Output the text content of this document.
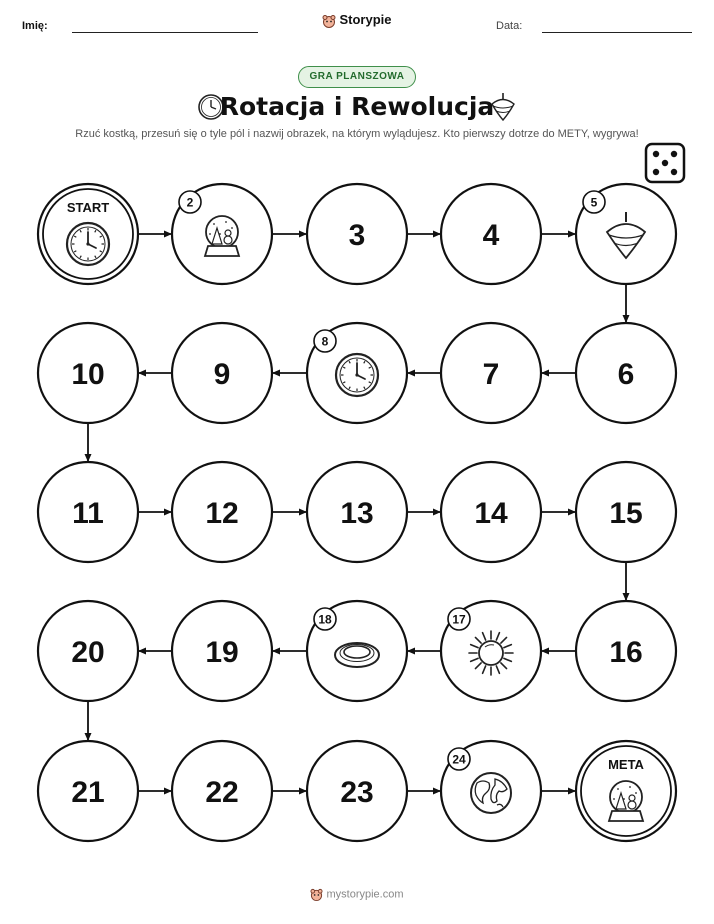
Imię:	Storypie	Data:
GRA PLANSZOWA
Rotacja i Rewolucja
Rzuć kostką, przesuń się o tyle pól i nazwij obrazek, na którym wylądujesz. Kto pierwszy dotrze do METY, wygrywa!
START	2
3	4
5
6
7
8
9
10
11	12	13	14	15
16
17
18
19
20
21	22	23
24	META
mystorypie.com
